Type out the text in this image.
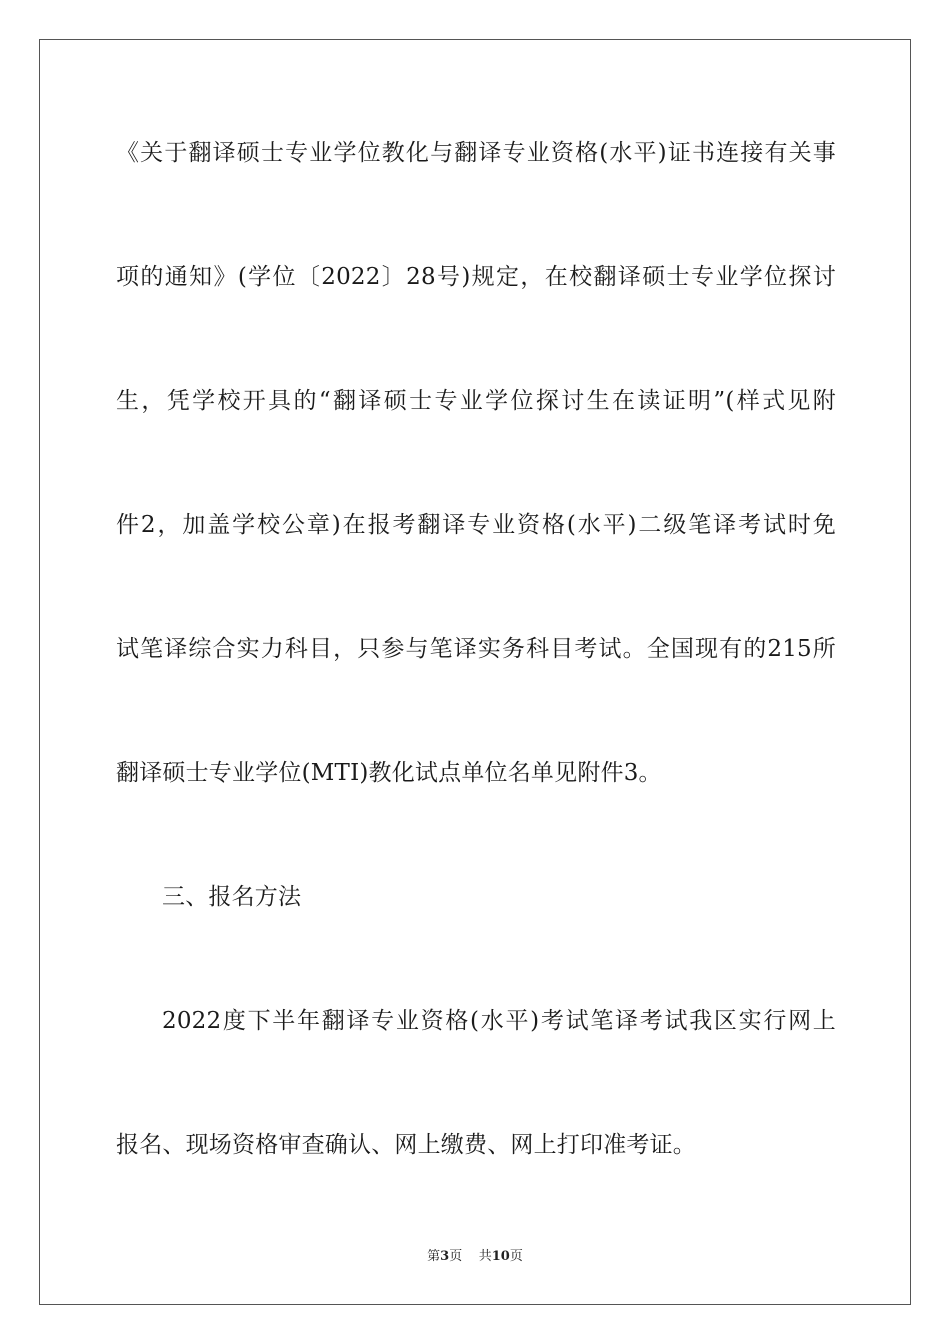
《关于翻译硕士专业学位教化与翻译专业资格(水平)证书连接有关事
项的通知》(学位〔2022〕28号)规定，在校翻译硕士专业学位探讨
生，凭学校开具的“翻译硕士专业学位探讨生在读证明”(样式见附
件2，加盖学校公章)在报考翻译专业资格(水平)二级笔译考试时免
试笔译综合实力科目，只参与笔译实务科目考试。全国现有的215所
翻译硕士专业学位(MTI)教化试点单位名单见附件3。
三、报名方法
2022度下半年翻译专业资格(水平)考试笔译考试我区实行网上
报名、现场资格审查确认、网上缴费、网上打印准考证。
第3页 共10页
